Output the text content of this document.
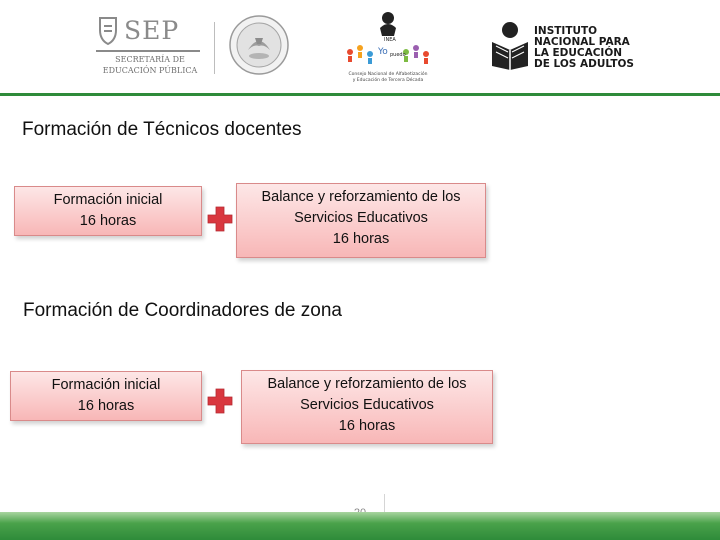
SEP
SECRETARÍA DE
EDUCACIÓN PÚBLICA
INEA
Yo puedo
Consejo Nacional de Alfabetización
y Educación de Tercera Década
INSTITUTO
NACIONAL PARA
LA EDUCACIÓN
DE LOS ADULTOS
Formación de Técnicos docentes
Formación inicial
16 horas
Balance y reforzamiento de los
Servicios Educativos
16 horas
Formación de Coordinadores de zona
Formación inicial
16 horas
Balance y reforzamiento de los
Servicios Educativos
16 horas
